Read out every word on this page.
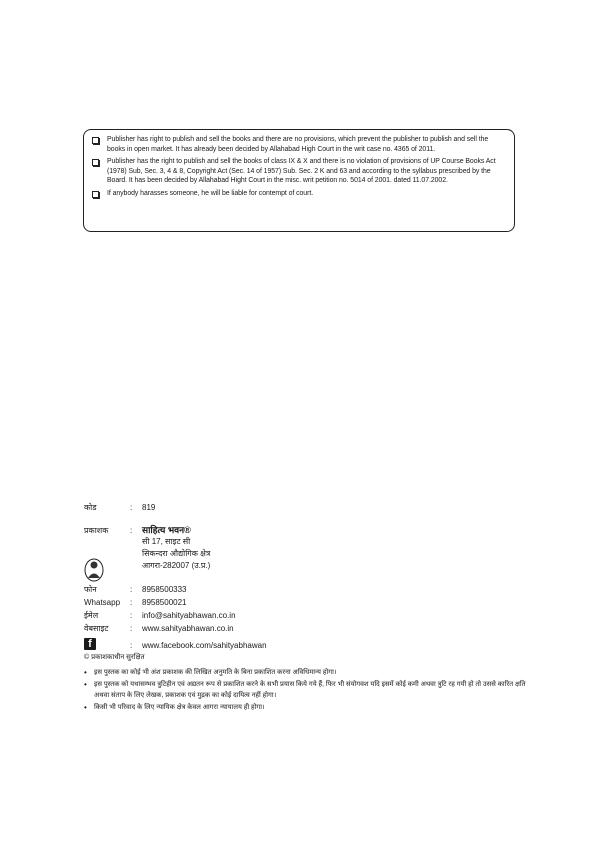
Publisher has right to publish and sell the books and there are no provisions, which prevent the publisher to publish and sell the books in open market. It has already been decided by Allahabad High Court in the writ case no. 4365 of 2011.
Publisher has the right to publish and sell the books of class IX & X and there is no violation of provisions of UP Course Books Act (1978) Sub, Sec. 3, 4 & 8, Copyright Act (Sec. 14 of 1957) Sub. Sec. 2 K and 63 and according to the syllabus prescribed by the Board. It has been decided by Allahabad Hight Court in the misc. writ petition no. 5014 of 2001. dated 11.07.2002.
If anybody harasses someone, he will be liable for contempt of court.
कोड	:	819
प्रकाशक	:	साहित्य भवन®
सी 17, साइट सी
सिकन्दरा औद्योगिक क्षेत्र
आगरा-282007 (उ.प्र.)
फोन	:	8958500333
Whatsapp	:	8958500021
ईमेल	:	info@sahityabhawan.co.in
वेबसाइट	:	www.sahityabhawan.co.in
f	:	www.facebook.com/sahityabhawan
© प्रकाशकाधीन सुरक्षित
•	इस पुस्तक का कोई भी अंश प्रकाशक की लिखित अनुमति के बिना प्रकाशित करना अविधिमान्य होगा।
•	इस पुस्तक को यथासम्भव त्रुटिहीन एवं अद्यतन रूप से प्रकाशित करने के सभी प्रयास किये गये हैं, फिर भी संयोगवश यदि इसमें कोई कमी अथवा त्रुटि रह गयी हो तो उससे कारित क्षति अथवा संताप के लिए लेखक, प्रकाशक एवं मुद्रक का कोई दायित्व नहीं होगा।
•	किसी भी परिवाद के लिए न्यायिक क्षेत्र केवल आगरा न्यायालय ही होगा।
